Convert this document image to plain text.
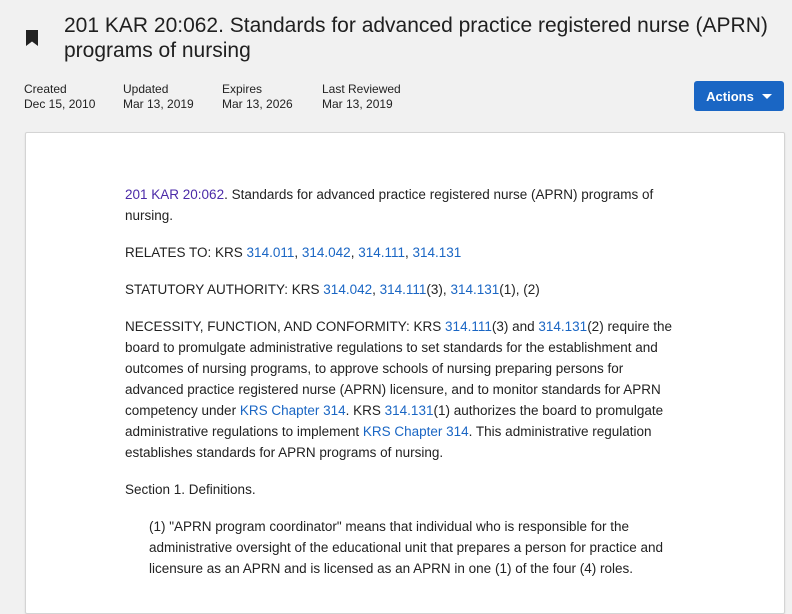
201 KAR 20:062. Standards for advanced practice registered nurse (APRN) programs of nursing
Created
Dec 15, 2010
Updated
Mar 13, 2019
Expires
Mar 13, 2026
Last Reviewed
Mar 13, 2019
Actions

201 KAR 20:062. Standards for advanced practice registered nurse (APRN) programs of nursing.

RELATES TO: KRS 314.011, 314.042, 314.111, 314.131

STATUTORY AUTHORITY: KRS 314.042, 314.111(3), 314.131(1), (2)

NECESSITY, FUNCTION, AND CONFORMITY: KRS 314.111(3) and 314.131(2) require the board to promulgate administrative regulations to set standards for the establishment and outcomes of nursing programs, to approve schools of nursing preparing persons for advanced practice registered nurse (APRN) licensure, and to monitor standards for APRN competency under KRS Chapter 314. KRS 314.131(1) authorizes the board to promulgate administrative regulations to implement KRS Chapter 314. This administrative regulation establishes standards for APRN programs of nursing.

Section 1. Definitions.

(1) "APRN program coordinator" means that individual who is responsible for the administrative oversight of the educational unit that prepares a person for practice and licensure as an APRN and is licensed as an APRN in one (1) of the four (4) roles.
